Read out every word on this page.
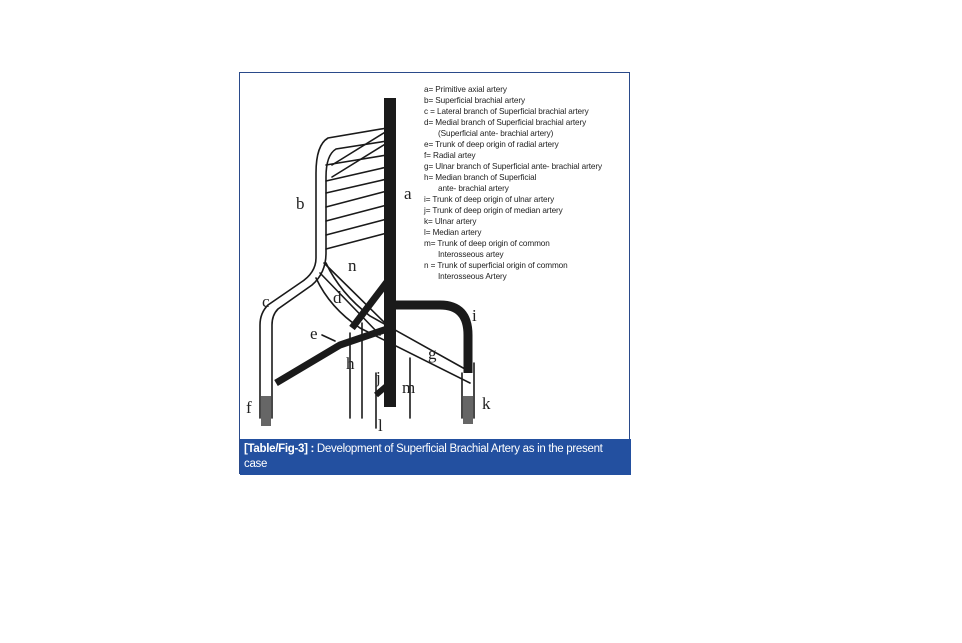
a
b
c	d
e
f
g
h
i
j
k
l
m
n
a= Primitive axial artery
b= Superficial brachial artery
c = Lateral branch of Superficial brachial artery
d= Medial branch of Superficial brachial artery
(Superficial ante- brachial artery)
e= Trunk of deep origin of radial artery
f= Radial artey
g= Ulnar branch of Superficial ante- brachial artery
h= Median branch of Superficial
ante- brachial artery
i= Trunk of deep origin of ulnar artery
j= Trunk of deep origin of median artery
k= Ulnar artery
l= Median artery
m= Trunk of deep origin of common
Interosseous artey
n = Trunk of superficial origin of common
Interosseous Artery
[Table/Fig-3] : Development of Superficial Brachial Artery as in the present case
